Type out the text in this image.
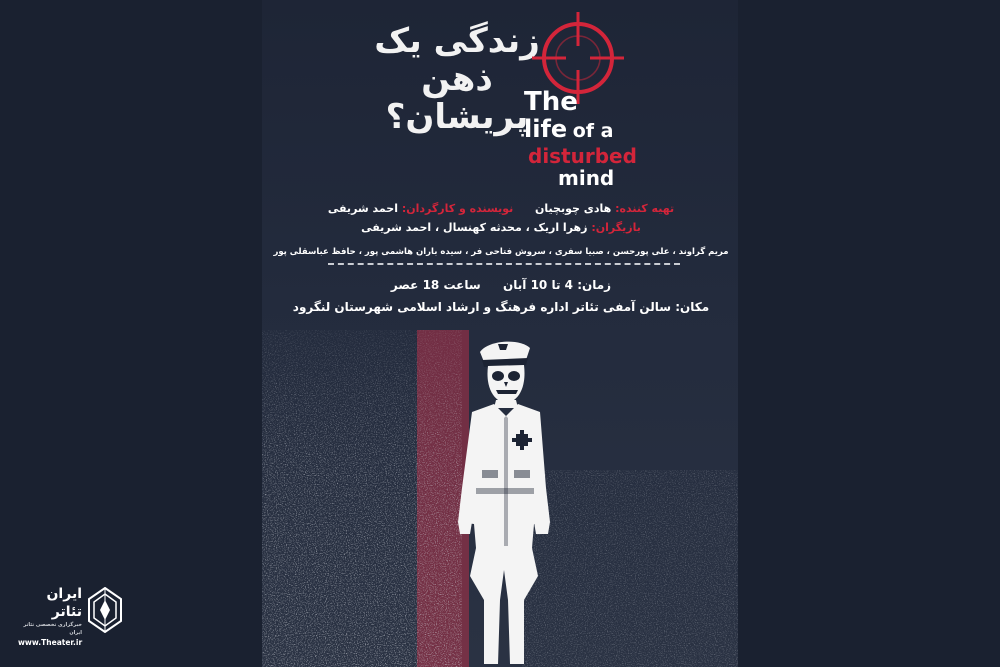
زندگی یک ذهن پریشان؟
The
life of a
disturbed
mind
تهیه کننده: هادی چوبچیان  نویسنده و کارگردان: احمد شریفی
بازیگران: زهرا اریک ، محدثه کهنسال ، احمد شریفی
مریم گراوند ، علی پورحسن ، صبیا سفری ، سروش فتاحی فر ، سیده باران هاشمی پور ، حافظ عباسقلی پور
زمان: 4 تا 10 آبان  ساعت 18 عصر
مکان: سالن آمفی تئاتر اداره فرهنگ و ارشاد اسلامی شهرستان لنگرود
ایران تئاتر
خبرگزاری تخصصی تئاتر ایران
www.Theater.ir
